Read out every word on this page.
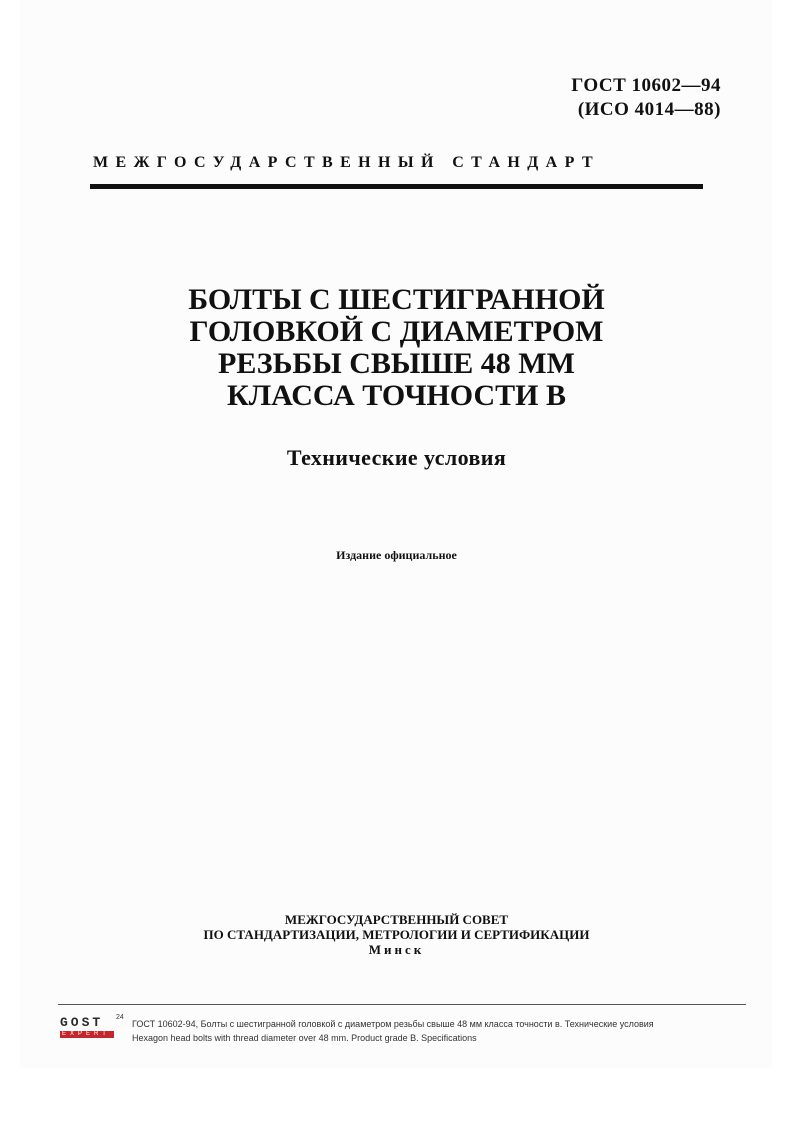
ГОСТ 10602—94
(ИСО 4014—88)
МЕЖГОСУДАРСТВЕННЫЙ СТАНДАРТ
БОЛТЫ С ШЕСТИГРАННОЙ
ГОЛОВКОЙ С ДИАМЕТРОМ
РЕЗЬБЫ СВЫШЕ 48 ММ
КЛАССА ТОЧНОСТИ В
Технические условия
Издание официальное
МЕЖГОСУДАРСТВЕННЫЙ СОВЕТ
ПО СТАНДАРТИЗАЦИИ, МЕТРОЛОГИИ И СЕРТИФИКАЦИИ
Минск
GOST	24
EXPERT
ГОСТ 10602-94, Болты с шестигранной головкой с диаметром резьбы свыше 48 мм класса точности в. Технические условия
Hexagon head bolts with thread diameter over 48 mm. Product grade B. Specifications
